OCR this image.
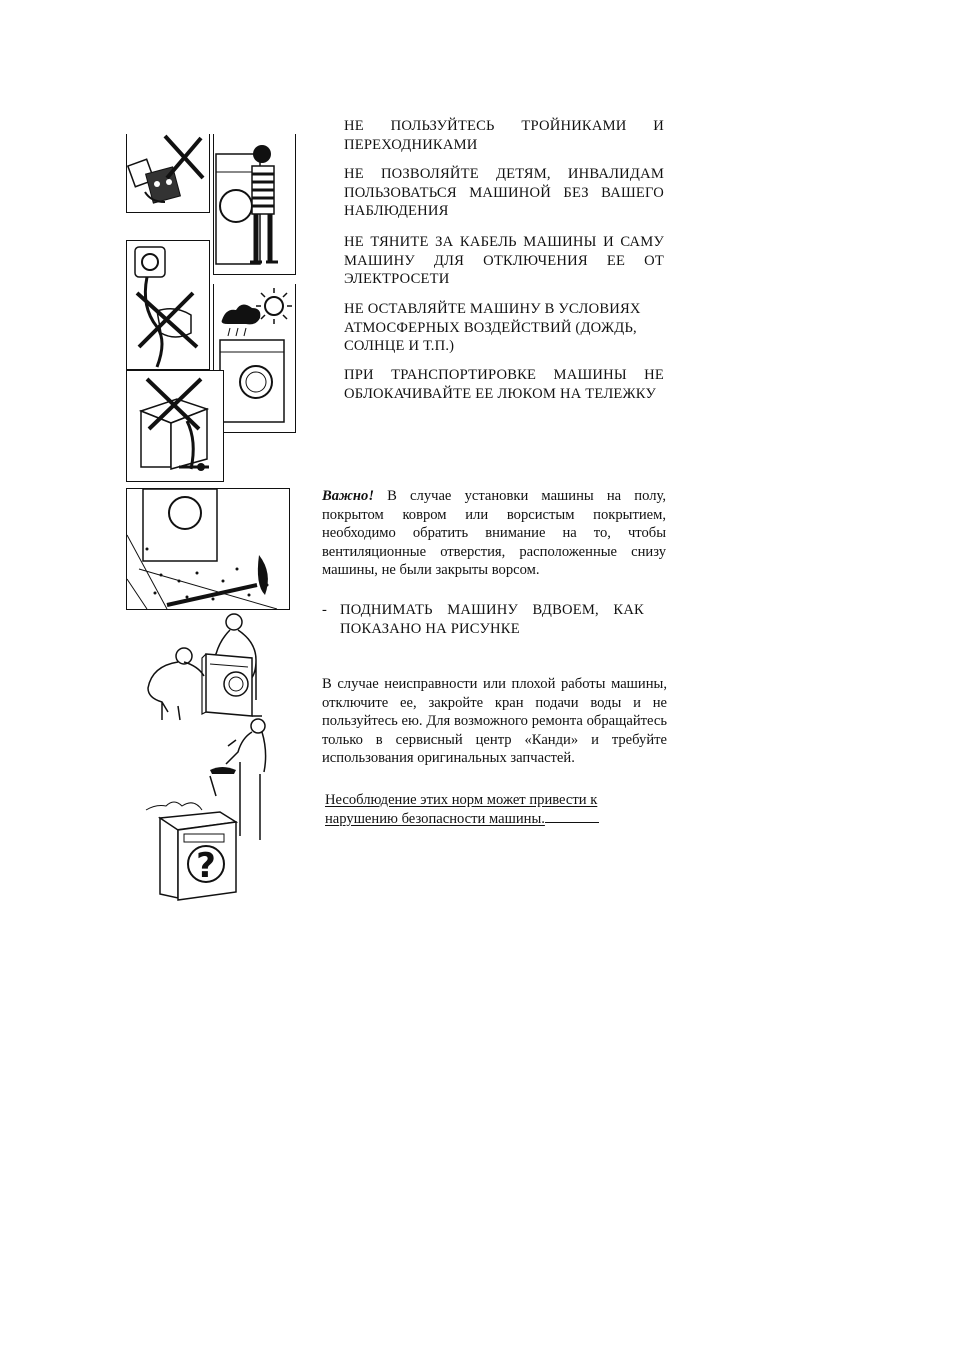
?

НЕ ПОЛЬЗУЙТЕСЬ ТРОЙНИКАМИ И ПЕРЕХОДНИКАМИ

НЕ ПОЗВОЛЯЙТЕ ДЕТЯМ, ИНВАЛИДАМ ПОЛЬЗОВАТЬСЯ МАШИНОЙ БЕЗ ВАШЕГО НАБЛЮДЕНИЯ

НЕ ТЯНИТЕ ЗА КАБЕЛЬ МАШИНЫ И САМУ МАШИНУ ДЛЯ ОТКЛЮЧЕНИЯ ЕЕ ОТ ЭЛЕКТРОСЕТИ

НЕ ОСТАВЛЯЙТЕ МАШИНУ В УСЛОВИЯХ АТМОСФЕРНЫХ ВОЗДЕЙСТВИЙ (ДОЖДЬ, СОЛНЦЕ И Т.П.)

ПРИ ТРАНСПОРТИРОВКЕ МАШИНЫ НЕ ОБЛОКАЧИВАЙТЕ ЕЕ ЛЮКОМ НА ТЕЛЕЖКУ

Важно! В случае установки машины на полу, покрытом ковром или ворсистым покрытием, необходимо обратить внимание на то, чтобы вентиляционные отверстия, расположенные снизу машины, не были закрыты ворсом.

- ПОДНИМАТЬ МАШИНУ ВДВОЕМ, КАК ПОКАЗАНО НА РИСУНКЕ

В случае неисправности или плохой работы машины, отключите ее, закройте кран подачи воды и не пользуйтесь ею. Для возможного ремонта обращайтесь только в сервисный центр «Канди» и требуйте использования оригинальных запчастей.

Несоблюдение этих норм может привести к нарушению безопасности машины.
